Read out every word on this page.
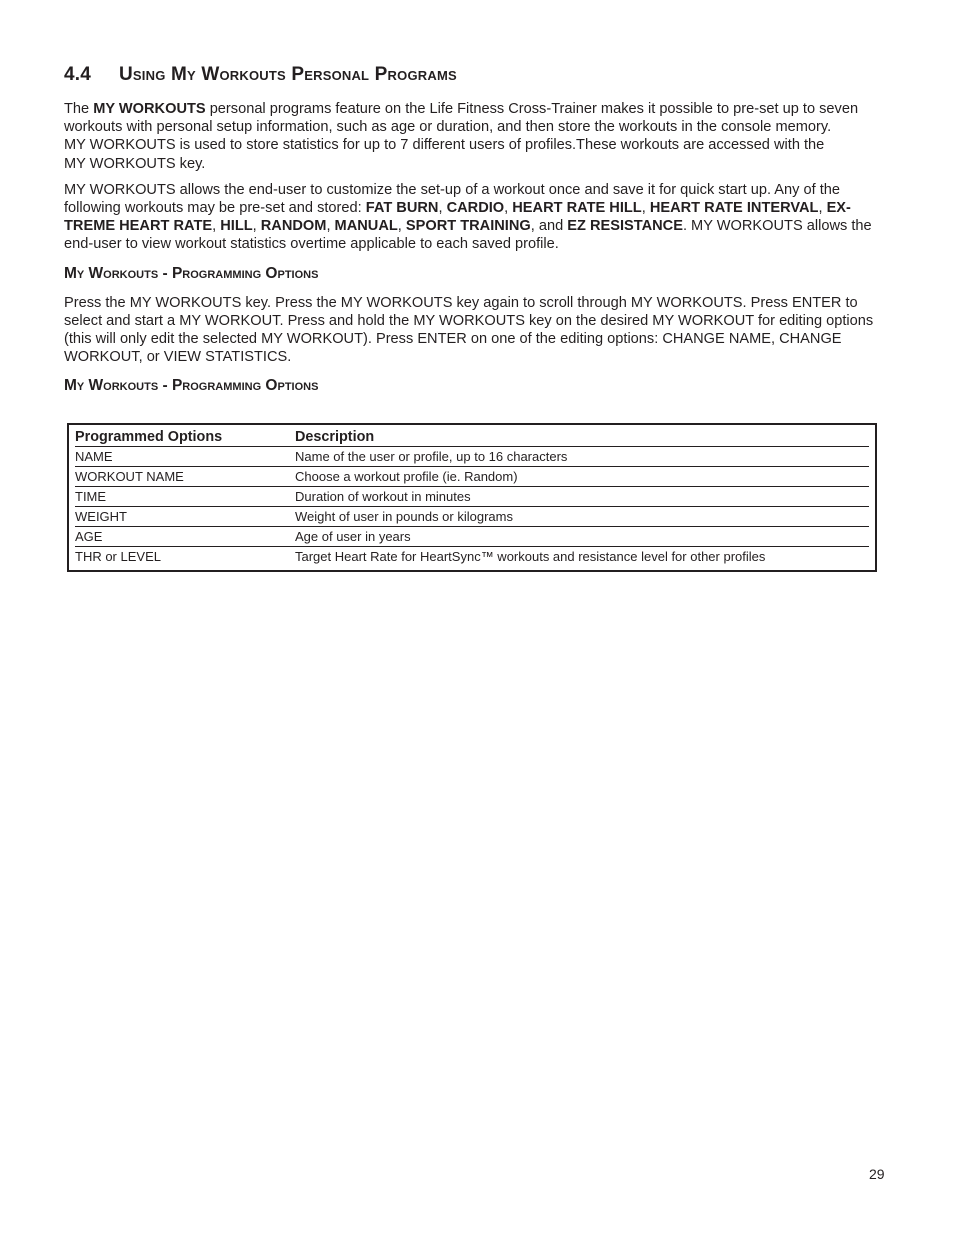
4.4 Using My Workouts Personal Programs

The MY WORKOUTS personal programs feature on the Life Fitness Cross-Trainer makes it possible to pre-set up to seven workouts with personal setup information, such as age or duration, and then store the workouts in the console memory.
MY WORKOUTS is used to store statistics for up to 7 different users of profiles.These workouts are accessed with the
MY WORKOUTS key.

MY WORKOUTS allows the end-user to customize the set-up of a workout once and save it for quick start up. Any of the following workouts may be pre-set and stored: FAT BURN, CARDIO, HEART RATE HILL, HEART RATE INTERVAL, EX-TREME HEART RATE, HILL, RANDOM, MANUAL, SPORT TRAINING, and EZ RESISTANCE. MY WORKOUTS allows the end-user to view workout statistics overtime applicable to each saved profile.

My Workouts - Programming Options

Press the MY WORKOUTS key. Press the MY WORKOUTS key again to scroll through MY WORKOUTS. Press ENTER to select and start a MY WORKOUT. Press and hold the MY WORKOUTS key on the desired MY WORKOUT for editing options (this will only edit the selected MY WORKOUT). Press ENTER on one of the editing options: CHANGE NAME, CHANGE WORKOUT, or VIEW STATISTICS.

My Workouts - Programming Options
Programmed Options	Description
NAME	Name of the user or profile, up to 16 characters
WORKOUT NAME	Choose a workout profile (ie. Random)
TIME	Duration of workout in minutes
WEIGHT	Weight of user in pounds or kilograms
AGE	Age of user in years
THR or LEVEL	Target Heart Rate for HeartSync™ workouts and resistance level for other profiles
29
